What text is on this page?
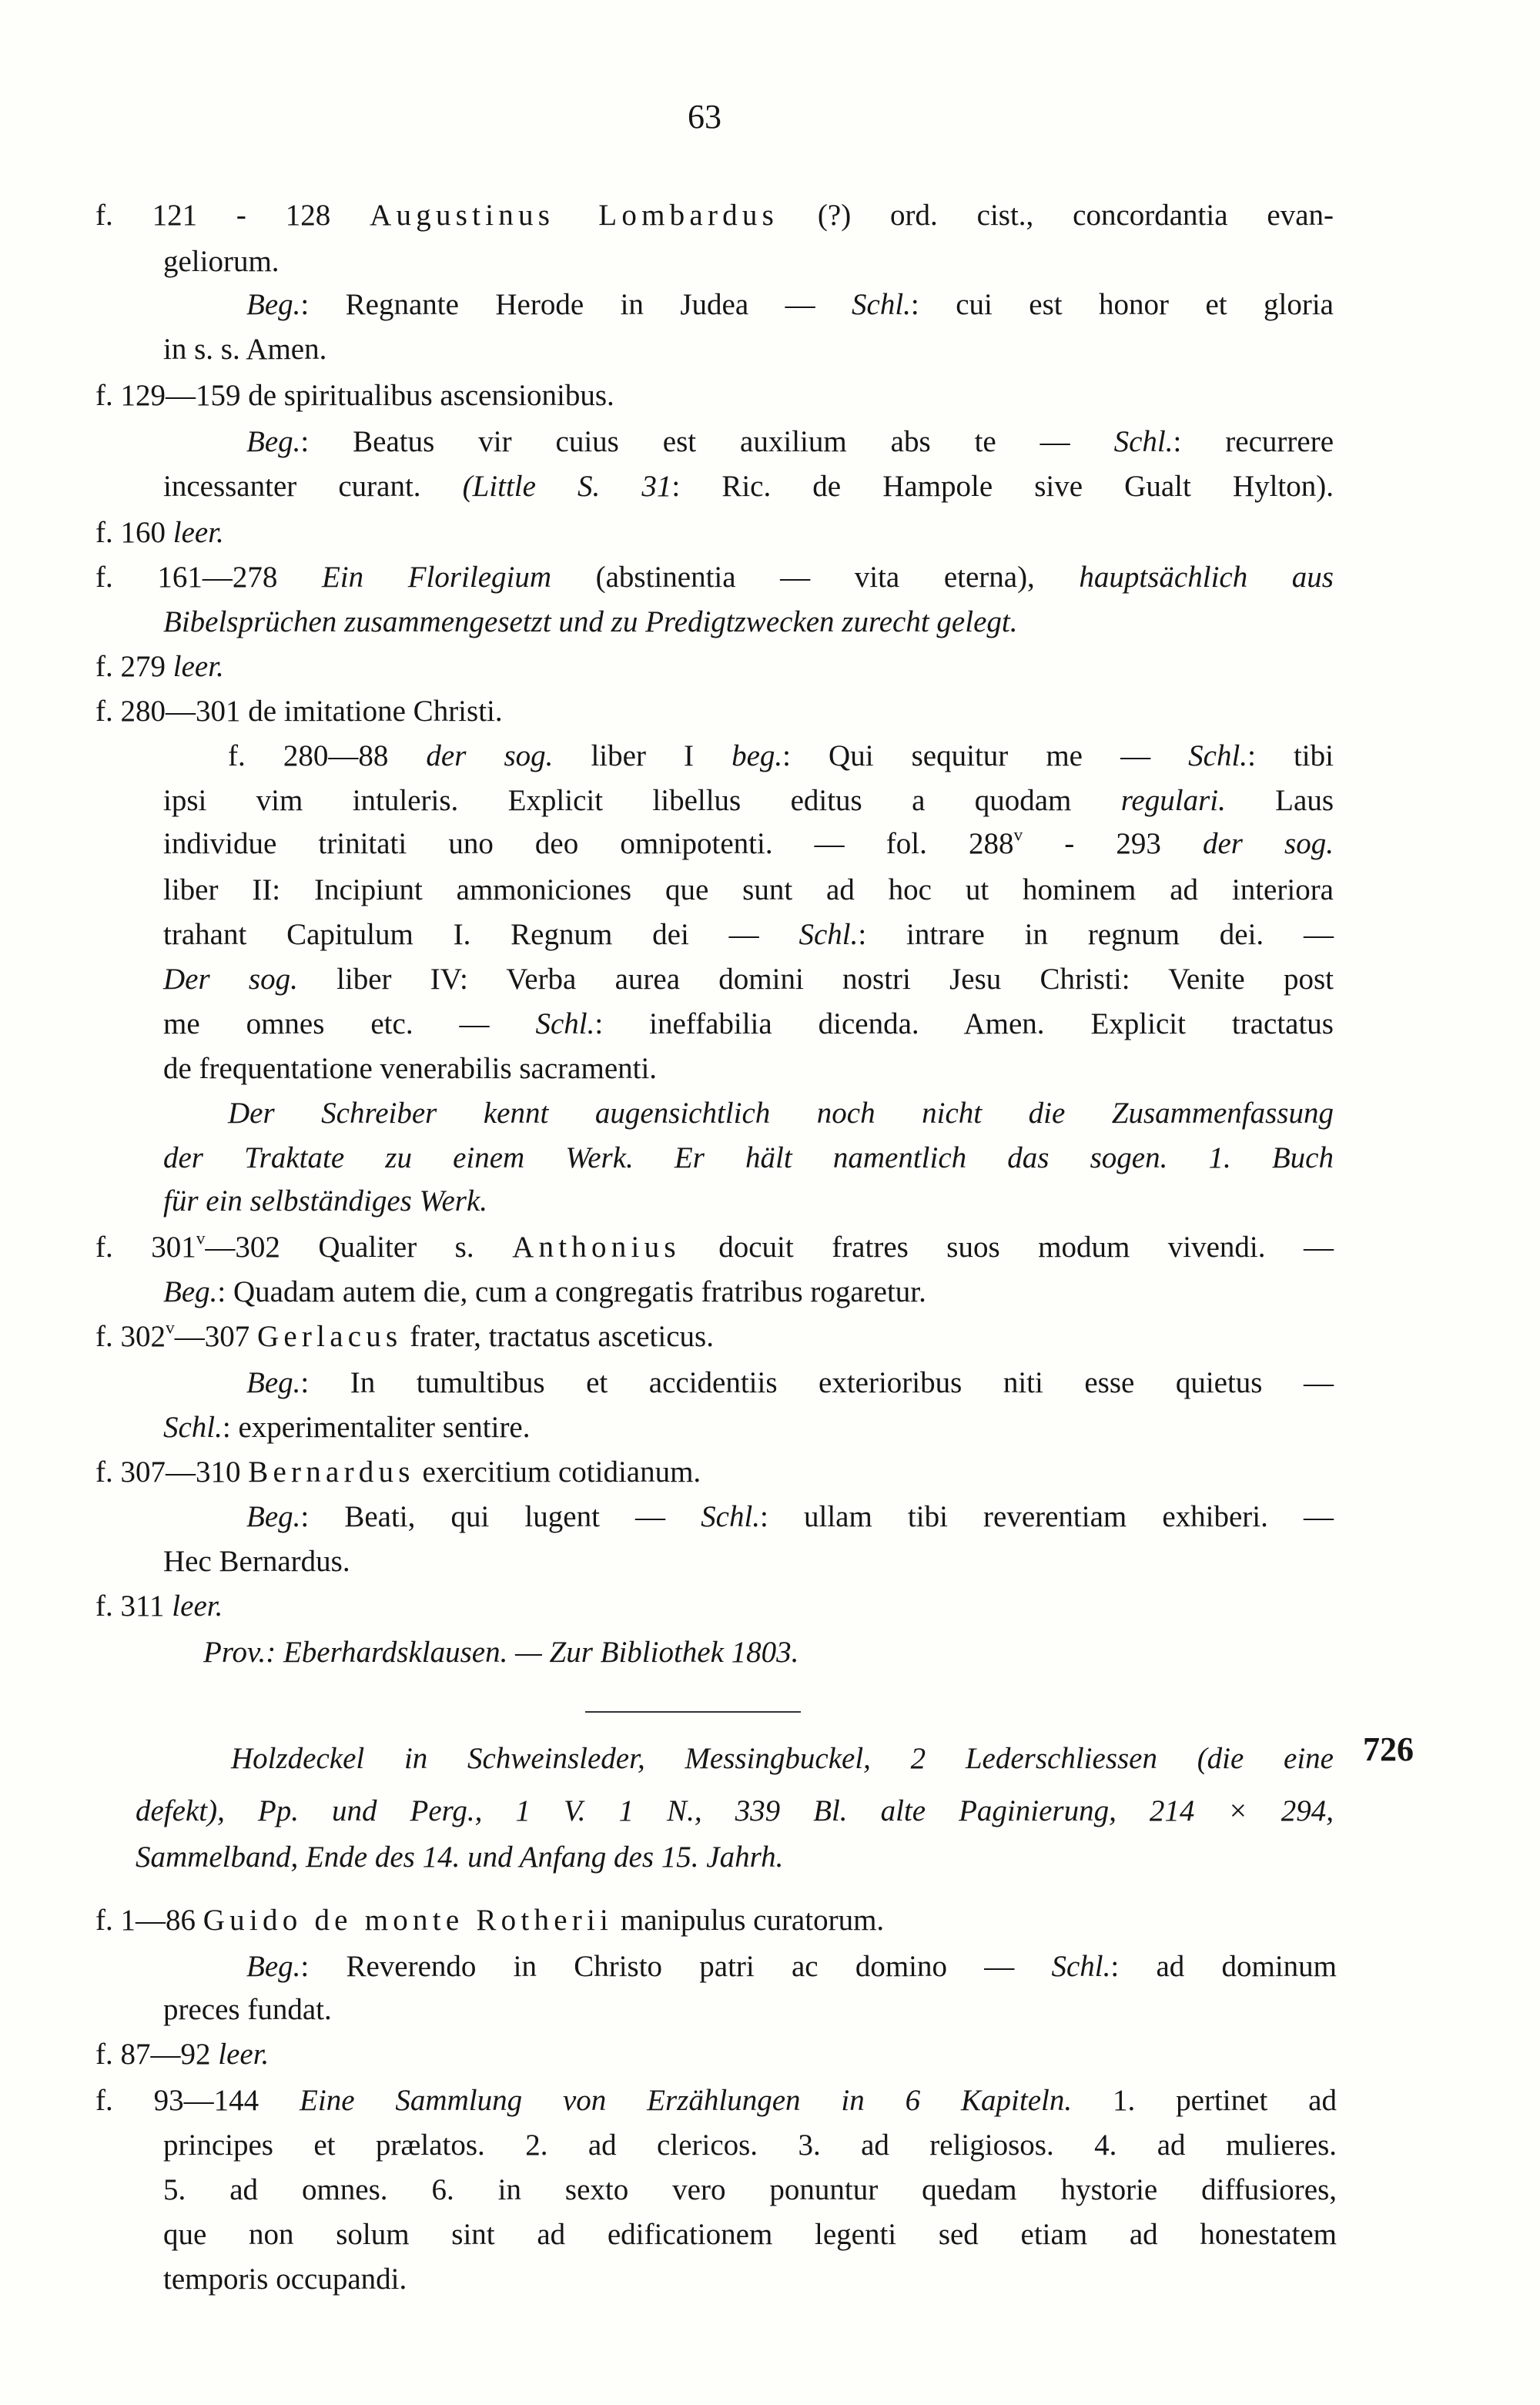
63
f. 121 - 128 Augustinus Lombardus (?) ord. cist., concordantia evan-
geliorum.
Beg.: Regnante Herode in Judea — Schl.: cui est honor et gloria
in s. s. Amen.
f. 129—159 de spiritualibus ascensionibus.
Beg.: Beatus vir cuius est auxilium abs te — Schl.: recurrere
incessanter curant. (Little S. 31: Ric. de Hampole sive Gualt Hylton).
f. 160 leer.
f. 161—278 Ein Florilegium (abstinentia — vita eterna), hauptsächlich aus
Bibelsprüchen zusammengesetzt und zu Predigtzwecken zurecht gelegt.
f. 279 leer.
f. 280—301 de imitatione Christi.
f. 280—88 der sog. liber I beg.: Qui sequitur me — Schl.: tibi
ipsi vim intuleris. Explicit libellus editus a quodam regulari. Laus
individue trinitati uno deo omnipotenti. — fol. 288$^v$ - 293 der sog.
liber II: Incipiunt ammoniciones que sunt ad hoc ut hominem ad interiora
trahant Capitulum I. Regnum dei — Schl.: intrare in regnum dei. —
Der sog. liber IV: Verba aurea domini nostri Jesu Christi: Venite post
me omnes etc. — Schl.: ineffabilia dicenda. Amen. Explicit tractatus
de frequentatione venerabilis sacramenti.
Der Schreiber kennt augensichtlich noch nicht die Zusammenfassung
der Traktate zu einem Werk. Er hält namentlich das sogen. 1. Buch
für ein selbständiges Werk.
f. 301$^v$—302 Qualiter s. Anthonius docuit fratres suos modum vivendi. —
Beg.: Quadam autem die, cum a congregatis fratribus rogaretur.
f. 302$^v$—307 Gerlacus frater, tractatus asceticus.
Beg.: In tumultibus et accidentiis exterioribus niti esse quietus —
Schl.: experimentaliter sentire.
f. 307—310 Bernardus exercitium cotidianum.
Beg.: Beati, qui lugent — Schl.: ullam tibi reverentiam exhiberi. —
Hec Bernardus.
f. 311 leer.
Prov.: Eberhardsklausen. — Zur Bibliothek 1803.
Holzdeckel in Schweinsleder, Messingbuckel, 2 Lederschliessen (die eine
defekt), Pp. und Perg., 1 V. 1 N., 339 Bl. alte Paginierung, 214 × 294,
Sammelband, Ende des 14. und Anfang des 15. Jahrh.
f. 1—86 Guido de monte Rotherii manipulus curatorum.
Beg.: Reverendo in Christo patri ac domino — Schl.: ad dominum
preces fundat.
f. 87—92 leer.
f. 93—144 Eine Sammlung von Erzählungen in 6 Kapiteln. 1. pertinet ad
principes et prælatos. 2. ad clericos. 3. ad religiosos. 4. ad mulieres.
5. ad omnes. 6. in sexto vero ponuntur quedam hystorie diffusiores,
que non solum sint ad edificationem legenti sed etiam ad honestatem
temporis occupandi.
726
